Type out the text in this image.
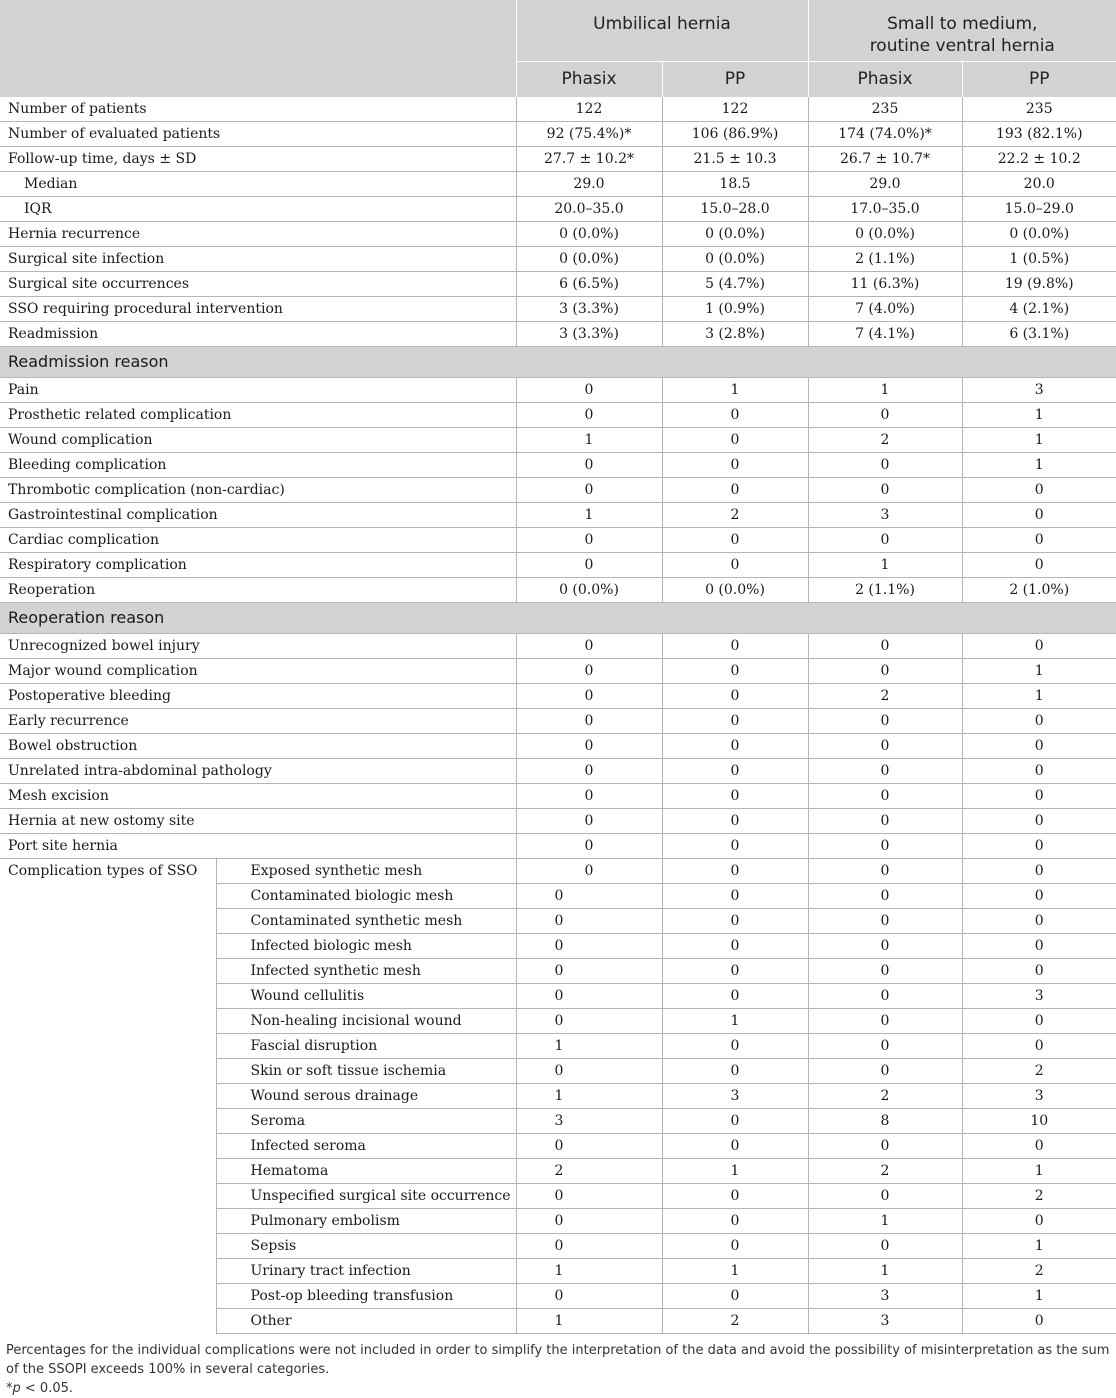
		Umbilical hernia		Small to medium,
routine ventral hernia	
		Phasix	PP	Phasix	PP
Number of patients		122	122	235	235
Number of evaluated patients		92 (75.4%)*	106 (86.9%)	174 (74.0%)*	193 (82.1%)
Follow-up time, days ± SD		27.7 ± 10.2*	21.5 ± 10.3	26.7 ± 10.7*	22.2 ± 10.2
Median		29.0	18.5	29.0	20.0
IQR		20.0–35.0	15.0–28.0	17.0–35.0	15.0–29.0
Hernia recurrence		0 (0.0%)	0 (0.0%)	0 (0.0%)	0 (0.0%)
Surgical site infection		0 (0.0%)	0 (0.0%)	2 (1.1%)	1 (0.5%)
Surgical site occurrences		6 (6.5%)	5 (4.7%)	11 (6.3%)	19 (9.8%)
SSO requiring procedural intervention		3 (3.3%)	1 (0.9%)	7 (4.0%)	4 (2.1%)
Readmission		3 (3.3%)	3 (2.8%)	7 (4.1%)	6 (3.1%)
Readmission reason					
Pain		0	1	1	3
Prosthetic related complication		0	0	0	1
Wound complication		1	0	2	1
Bleeding complication		0	0	0	1
Thrombotic complication (non-cardiac)		0	0	0	0
Gastrointestinal complication		1	2	3	0
Cardiac complication		0	0	0	0
Respiratory complication		0	0	1	0
Reoperation		0 (0.0%)	0 (0.0%)	2 (1.1%)	2 (1.0%)
Reoperation reason					
Unrecognized bowel injury		0	0	0	0
Major wound complication		0	0	0	1
Postoperative bleeding		0	0	2	1
Early recurrence		0	0	0	0
Bowel obstruction		0	0	0	0
Unrelated intra-abdominal pathology		0	0	0	0
Mesh excision		0	0	0	0
Hernia at new ostomy site		0	0	0	0
Port site hernia		0	0	0	0
Complication types of SSO	Exposed synthetic mesh	0	0	0	0
	Contaminated biologic mesh	0	0	0	0
	Contaminated synthetic mesh	0	0	0	0
	Infected biologic mesh	0	0	0	0
	Infected synthetic mesh	0	0	0	0
	Wound cellulitis	0	0	0	3
	Non-healing incisional wound	0	1	0	0
	Fascial disruption	1	0	0	0
	Skin or soft tissue ischemia	0	0	0	2
	Wound serous drainage	1	3	2	3
	Seroma	3	0	8	10
	Infected seroma	0	0	0	0
	Hematoma	2	1	2	1
	Unspecified surgical site occurrence	0	0	0	2
	Pulmonary embolism	0	0	1	0
	Sepsis	0	0	0	1
	Urinary tract infection	1	1	1	2
	Post-op bleeding transfusion	0	0	3	1
	Other	1	2	3	0
Percentages for the individual complications were not included in order to simplify the interpretation of the data and avoid the possibility of misinterpretation as the sum of the SSOPI exceeds 100% in several categories.
*p < 0.05.
